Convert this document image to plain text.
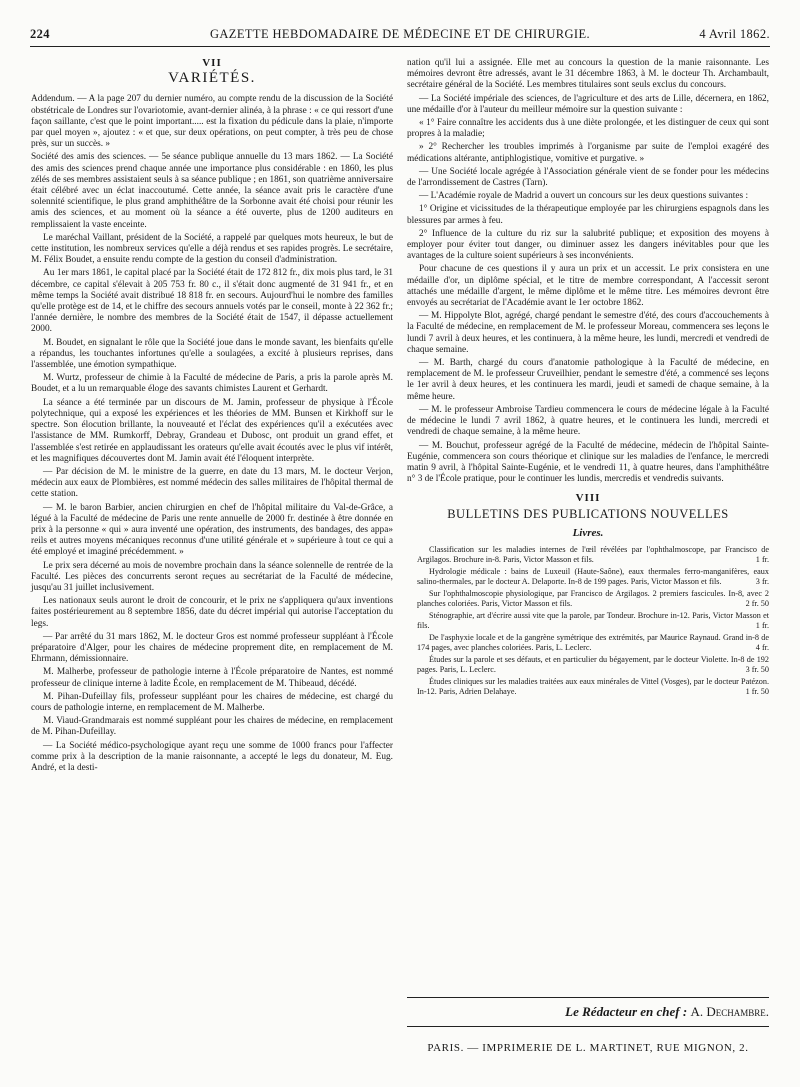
224	GAZETTE HEBDOMADAIRE DE MÉDECINE ET DE CHIRURGIE.	4 Avril 1862.
VII
VARIÉTÉS.

Addendum. — A la page 207 du dernier numéro, au compte rendu de la discussion de la Société obstétricale de Londres sur l'ovariotomie, avant-dernier alinéa, à la phrase : « ce qui ressort d'une façon saillante, c'est que le point important..... est la fixation du pédicule dans la plaie, n'importe par quel moyen », ajoutez : « et que, sur deux opérations, on peut compter, à très peu de chose près, sur un succès. »

Société des amis des sciences. — 5e séance publique annuelle du 13 mars 1862. — La Société des amis des sciences prend chaque année une importance plus considérable : en 1860, les plus zélés de ses membres assistaient seuls à sa séance publique ; en 1861, son quatrième anniversaire était célébré avec un éclat inaccoutumé. Cette année, la séance avait pris le caractère d'une solennité scientifique, le plus grand amphithéâtre de la Sorbonne avait été choisi pour réunir les amis des sciences, et au moment où la séance a été ouverte, plus de 1200 auditeurs en remplissaient la vaste enceinte.

Le maréchal Vaillant, président de la Société, a rappelé par quelques mots heureux, le but de cette institution, les nombreux services qu'elle a déjà rendus et ses rapides progrès. Le secrétaire, M. Félix Boudet, a ensuite rendu compte de la gestion du conseil d'administration.

Au 1er mars 1861, le capital placé par la Société était de 172 812 fr., dix mois plus tard, le 31 décembre, ce capital s'élevait à 205 753 fr. 80 c., il s'était donc augmenté de 31 941 fr., et en même temps la Société avait distribué 18 818 fr. en secours. Aujourd'hui le nombre des familles qu'elle protège est de 14, et le chiffre des secours annuels votés par le conseil, monte à 22 362 fr.; l'année dernière, le nombre des membres de la Société était de 1547, il dépasse actuellement 2000.

M. Boudet, en signalant le rôle que la Société joue dans le monde savant, les bienfaits qu'elle a répandus, les touchantes infortunes qu'elle a soulagées, a excité à plusieurs reprises, dans l'assemblée, une émotion sympathique.

M. Wurtz, professeur de chimie à la Faculté de médecine de Paris, a pris la parole après M. Boudet, et a lu un remarquable éloge des savants chimistes Laurent et Gerhardt.

La séance a été terminée par un discours de M. Jamin, professeur de physique à l'École polytechnique, qui a exposé les expériences et les théories de MM. Bunsen et Kirkhoff sur le spectre. Son élocution brillante, la nouveauté et l'éclat des expériences qu'il a exécutées avec l'assistance de MM. Rumkorff, Debray, Grandeau et Dubosc, ont produit un grand effet, et l'assemblée s'est retirée en applaudissant les orateurs qu'elle avait écoutés avec le plus vif intérêt, et les magnifiques découvertes dont M. Jamin avait été l'éloquent interprète.

— Par décision de M. le ministre de la guerre, en date du 13 mars, M. le docteur Verjon, médecin aux eaux de Plombières, est nommé médecin des salles militaires de l'hôpital thermal de cette station.

— M. le baron Barbier, ancien chirurgien en chef de l'hôpital militaire du Val-de-Grâce, a légué à la Faculté de médecine de Paris une rente annuelle de 2000 fr. destinée à être donnée en prix à la personne « qui » aura inventé une opération, des instruments, des bandages, des appa» reils et autres moyens mécaniques reconnus d'une utilité générale et » supérieure à tout ce qui a été employé et imaginé précédemment. »

Le prix sera décerné au mois de novembre prochain dans la séance solennelle de rentrée de la Faculté. Les pièces des concurrents seront reçues au secrétariat de la Faculté de médecine, jusqu'au 31 juillet inclusivement.

Les nationaux seuls auront le droit de concourir, et le prix ne s'appliquera qu'aux inventions faites postérieurement au 8 septembre 1856, date du décret impérial qui autorise l'acceptation du legs.

— Par arrêté du 31 mars 1862, M. le docteur Gros est nommé professeur suppléant à l'École préparatoire d'Alger, pour les chaires de médecine proprement dite, en remplacement de M. Ehrmann, démissionnaire.

M. Malherbe, professeur de pathologie interne à l'École préparatoire de Nantes, est nommé professeur de clinique interne à ladite École, en remplacement de M. Thibeaud, décédé.

M. Pihan-Dufeillay fils, professeur suppléant pour les chaires de médecine, est chargé du cours de pathologie interne, en remplacement de M. Malherbe.

M. Viaud-Grandmarais est nommé suppléant pour les chaires de médecine, en remplacement de M. Pihan-Dufeillay.

— La Société médico-psychologique ayant reçu une somme de 1000 francs pour l'affecter comme prix à la description de la manie raisonnante, a accepté le legs du donateur, M. Eug. André, et la desti-

nation qu'il lui a assignée. Elle met au concours la question de la manie raisonnante. Les mémoires devront être adressés, avant le 31 décembre 1863, à M. le docteur Th. Archambault, secrétaire général de la Société. Les membres titulaires sont seuls exclus du concours.

— La Société impériale des sciences, de l'agriculture et des arts de Lille, décernera, en 1862, une médaille d'or à l'auteur du meilleur mémoire sur la question suivante :

« 1° Faire connaître les accidents dus à une diète prolongée, et les distinguer de ceux qui sont propres à la maladie;

» 2° Rechercher les troubles imprimés à l'organisme par suite de l'emploi exagéré des médications altérante, antiphlogistique, vomitive et purgative. »

— Une Société locale agrégée à l'Association générale vient de se fonder pour les médecins de l'arrondissement de Castres (Tarn).

— L'Académie royale de Madrid a ouvert un concours sur les deux questions suivantes :

1° Origine et vicissitudes de la thérapeutique employée par les chirurgiens espagnols dans les blessures par armes à feu.

2° Influence de la culture du riz sur la salubrité publique; et exposition des moyens à employer pour éviter tout danger, ou diminuer assez les dangers inévitables pour que les avantages de la culture soient supérieurs à ses inconvénients.

Pour chacune de ces questions il y aura un prix et un accessit. Le prix consistera en une médaille d'or, un diplôme spécial, et le titre de membre correspondant, A l'accessit seront attachés une médaille d'argent, le même diplôme et le même titre. Les mémoires devront être envoyés au secrétariat de l'Académie avant le 1er octobre 1862.

— M. Hippolyte Blot, agrégé, chargé pendant le semestre d'été, des cours d'accouchements à la Faculté de médecine, en remplacement de M. le professeur Moreau, commencera ses leçons le lundi 7 avril à deux heures, et les continuera, à la même heure, les lundi, mercredi et vendredi de chaque semaine.

— M. Barth, chargé du cours d'anatomie pathologique à la Faculté de médecine, en remplacement de M. le professeur Cruveilhier, pendant le semestre d'été, a commencé ses leçons le 1er avril à deux heures, et les continuera les mardi, jeudi et samedi de chaque semaine, à la même heure.

— M. le professeur Ambroise Tardieu commencera le cours de médecine légale à la Faculté de médecine le lundi 7 avril 1862, à quatre heures, et le continuera les lundi, mercredi et vendredi de chaque semaine, à la même heure.

— M. Bouchut, professeur agrégé de la Faculté de médecine, médecin de l'hôpital Sainte-Eugénie, commencera son cours théorique et clinique sur les maladies de l'enfance, le mercredi matin 9 avril, à l'hôpital Sainte-Eugénie, et le vendredi 11, à quatre heures, dans l'amphithéâtre n° 3 de l'École pratique, pour le continuer les lundis, mercredis et vendredis suivants.

VIII
BULLETINS DES PUBLICATIONS NOUVELLES
Livres.

Classification sur les maladies internes de l'œil révélées par l'ophthalmoscope, par Francisco de Argilagos. Brochure in-8. Paris, Victor Masson et fils.	1 fr.

Hydrologie médicale : bains de Luxeuil (Haute-Saône), eaux thermales ferro-manganifères, eaux salino-thermales, par le docteur A. Delaporte. In-8 de 199 pages. Paris, Victor Masson et fils.	3 fr.

Sur l'ophthalmoscopie physiologique, par Francisco de Argilagos. 2 premiers fascicules. In-8, avec 2 planches coloriées. Paris, Victor Masson et fils.	2 fr. 50

Sténographie, art d'écrire aussi vite que la parole, par Tondeur. Brochure in-12. Paris, Victor Masson et fils.	1 fr.

De l'asphyxie locale et de la gangrène symétrique des extrémités, par Maurice Raynaud. Grand in-8 de 174 pages, avec planches coloriées. Paris, L. Leclerc.	4 fr.

Études sur la parole et ses défauts, et en particulier du bégayement, par le docteur Violette. In-8 de 192 pages. Paris, L. Leclerc.	3 fr. 50

Études cliniques sur les maladies traitées aux eaux minérales de Vittel (Vosges), par le docteur Patézon. In-12. Paris, Adrien Delahaye.	1 fr. 50

Le Rédacteur en chef : A. Dechambre.
PARIS. — IMPRIMERIE DE L. MARTINET, RUE MIGNON, 2.
